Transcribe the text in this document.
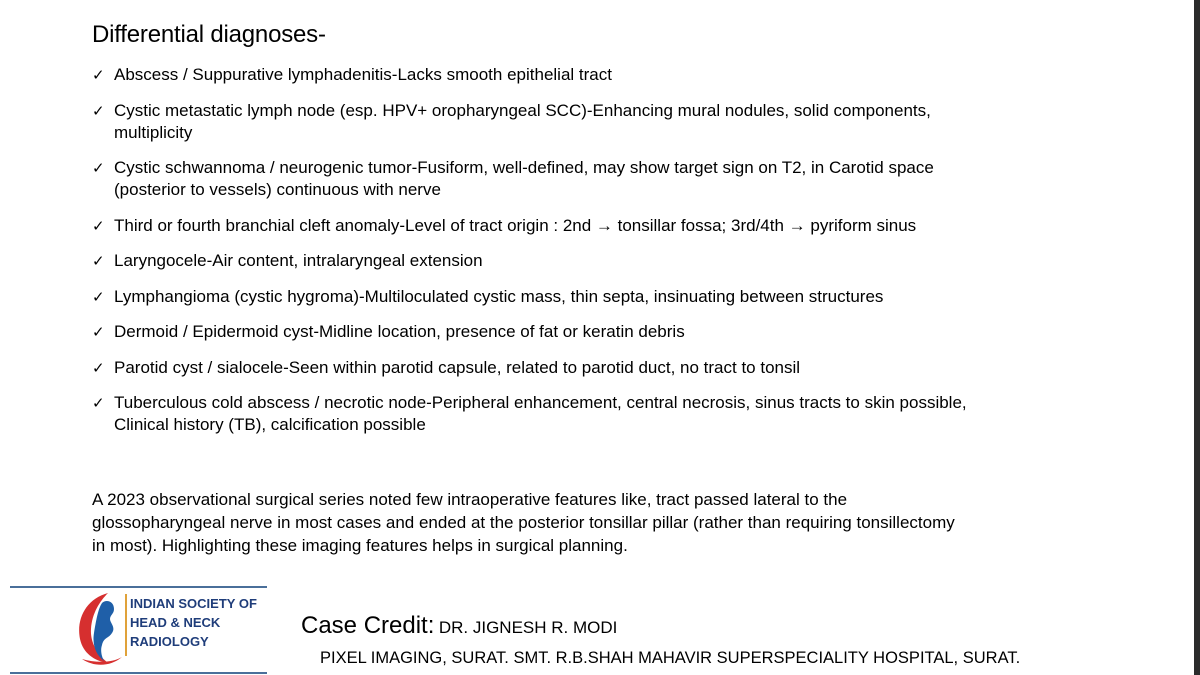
Differential diagnoses-
✓ Abscess / Suppurative lymphadenitis-Lacks smooth epithelial tract
✓ Cystic metastatic lymph node (esp. HPV+ oropharyngeal SCC)-Enhancing mural nodules, solid components,
multiplicity
✓ Cystic schwannoma / neurogenic tumor-Fusiform, well-defined, may show target sign on T2, in Carotid space
(posterior to vessels) continuous with nerve
✓ Third or fourth branchial cleft anomaly-Level of tract origin : 2nd → tonsillar fossa; 3rd/4th → pyriform sinus
✓ Laryngocele-Air content, intralaryngeal extension
✓ Lymphangioma (cystic hygroma)-Multiloculated cystic mass, thin septa, insinuating between structures
✓ Dermoid / Epidermoid cyst-Midline location, presence of fat or keratin debris
✓ Parotid cyst / sialocele-Seen within parotid capsule, related to parotid duct, no tract to tonsil
✓ Tuberculous cold abscess / necrotic node-Peripheral enhancement, central necrosis, sinus tracts to skin possible,
Clinical history (TB), calcification possible
A 2023 observational surgical series noted few intraoperative features like, tract passed lateral to the
glossopharyngeal nerve in most cases and ended at the posterior tonsillar pillar (rather than requiring tonsillectomy
in most). Highlighting these imaging features helps in surgical planning.
INDIAN SOCIETY OF
HEAD & NECK
RADIOLOGY
Case Credit: DR. JIGNESH R. MODI
PIXEL IMAGING, SURAT. SMT. R.B.SHAH MAHAVIR SUPERSPECIALITY HOSPITAL, SURAT.
